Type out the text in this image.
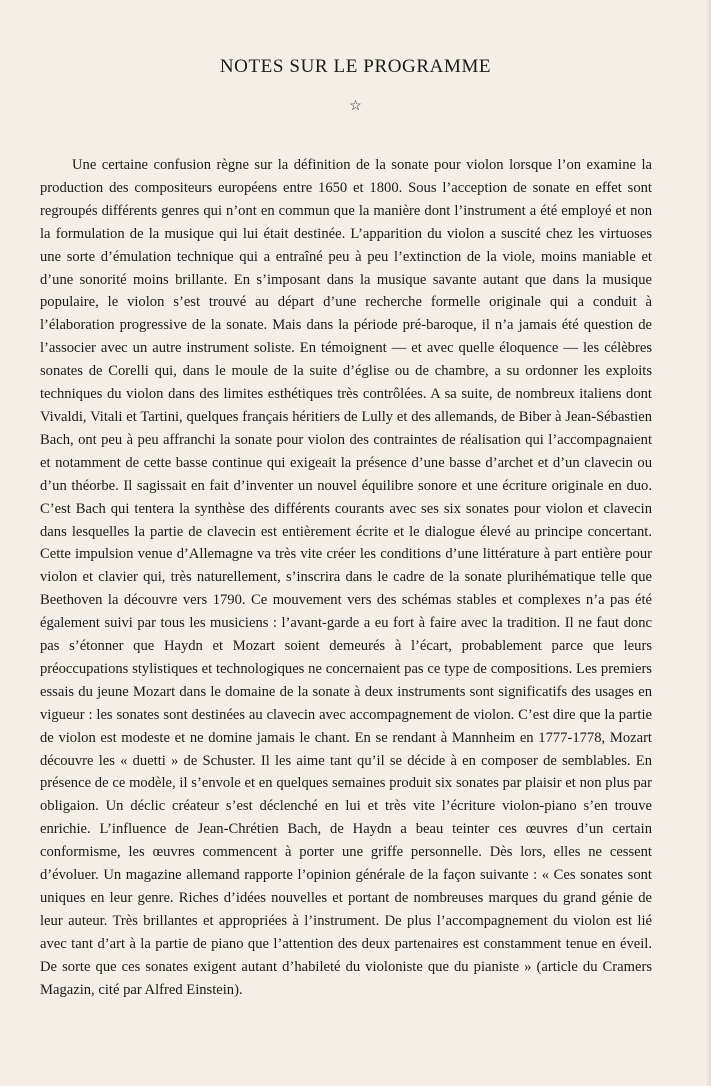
NOTES SUR LE PROGRAMME
☆

Une certaine confusion règne sur la définition de la sonate pour violon lorsque l’on examine la production des compositeurs européens entre 1650 et 1800. Sous l’acception de sonate en effet sont regroupés différents genres qui n’ont en commun que la manière dont l’instrument a été employé et non la formulation de la musique qui lui était destinée. L’apparition du violon a suscité chez les virtuoses une sorte d’émulation technique qui a entraîné peu à peu l’extinction de la viole, moins maniable et d’une sonorité moins brillante. En s’imposant dans la musique savante autant que dans la musique populaire, le violon s’est trouvé au départ d’une recherche formelle originale qui a conduit à l’élaboration progressive de la sonate. Mais dans la période pré-baroque, il n’a jamais été question de l’associer avec un autre instrument soliste. En témoignent — et avec quelle éloquence — les célèbres sonates de Corelli qui, dans le moule de la suite d’église ou de chambre, a su ordonner les exploits techniques du violon dans des limites esthétiques très contrôlées. A sa suite, de nombreux italiens dont Vivaldi, Vitali et Tartini, quelques français héritiers de Lully et des allemands, de Biber à Jean-Sébastien Bach, ont peu à peu affranchi la sonate pour violon des contraintes de réalisation qui l’accompagnaient et notamment de cette basse continue qui exigeait la présence d’une basse d’archet et d’un clavecin ou d’un théorbe. Il sagissait en fait d’inventer un nouvel équilibre sonore et une écriture originale en duo. C’est Bach qui tentera la synthèse des différents courants avec ses six sonates pour violon et clavecin dans lesquelles la partie de clavecin est entièrement écrite et le dialogue élevé au principe concertant. Cette impulsion venue d’Allemagne va très vite créer les conditions d’une littérature à part entière pour violon et clavier qui, très naturellement, s’inscrira dans le cadre de la sonate plurihématique telle que Beethoven la découvre vers 1790. Ce mouvement vers des schémas stables et complexes n’a pas été également suivi par tous les musiciens : l’avant-garde a eu fort à faire avec la tradition. Il ne faut donc pas s’étonner que Haydn et Mozart soient demeurés à l’écart, probablement parce que leurs préoccupations stylistiques et technologiques ne concernaient pas ce type de compositions. Les premiers essais du jeune Mozart dans le domaine de la sonate à deux instruments sont significatifs des usages en vigueur : les sonates sont destinées au clavecin avec accompagnement de violon. C’est dire que la partie de violon est modeste et ne domine jamais le chant. En se rendant à Mannheim en 1777-1778, Mozart découvre les « duetti » de Schuster. Il les aime tant qu’il se décide à en composer de semblables. En présence de ce modèle, il s’envole et en quelques semaines produit six sonates par plaisir et non plus par obligaion. Un déclic créateur s’est déclenché en lui et très vite l’écriture violon-piano s’en trouve enrichie. L’influence de Jean-Chrétien Bach, de Haydn a beau teinter ces œuvres d’un certain conformisme, les œuvres commencent à porter une griffe personnelle. Dès lors, elles ne cessent d’évoluer. Un magazine allemand rapporte l’opinion générale de la façon suivante : « Ces sonates sont uniques en leur genre. Riches d’idées nouvelles et portant de nombreuses marques du grand génie de leur auteur. Très brillantes et appropriées à l’instrument. De plus l’accompagnement du violon est lié avec tant d’art à la partie de piano que l’attention des deux partenaires est constamment tenue en éveil. De sorte que ces sonates exigent autant d’habileté du violoniste que du pianiste » (article du Cramers Magazin, cité par Alfred Einstein).
